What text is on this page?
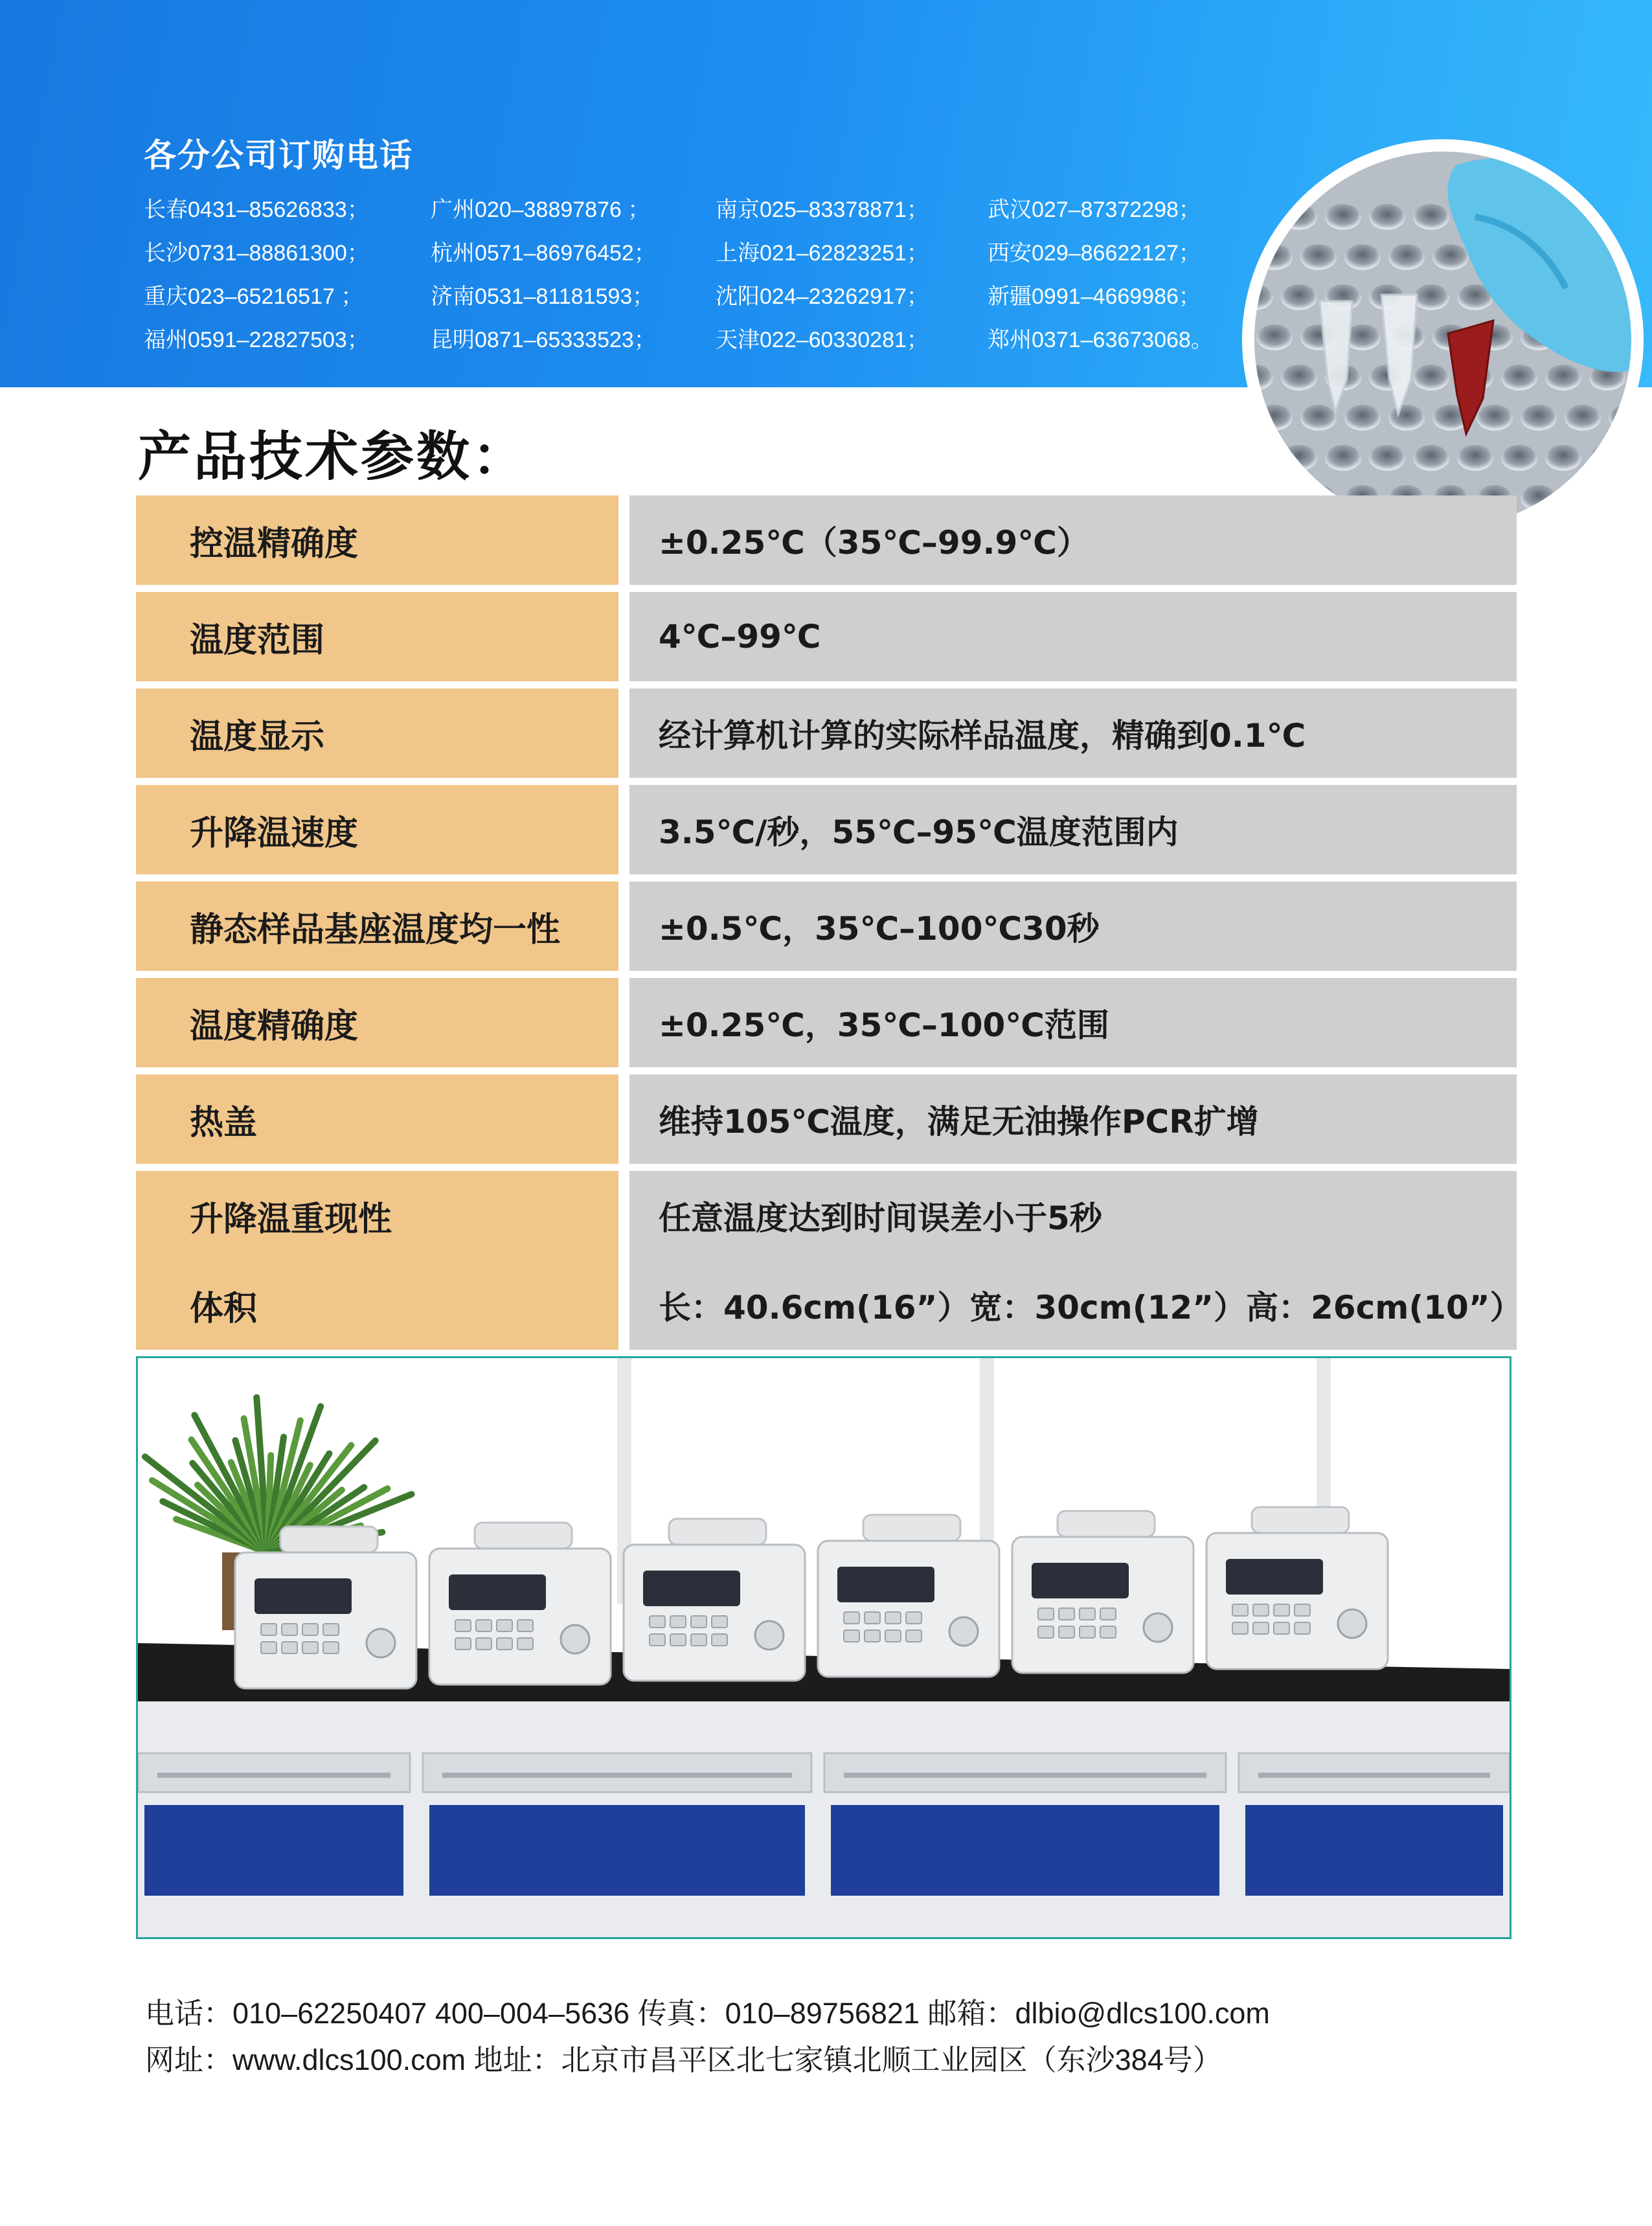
各分公司订购电话
长春0431–85626833；	广州020–38897876 ；	南京025–83378871；	武汉027–87372298；
长沙0731–88861300；	杭州0571–86976452；	上海021–62823251；	西安029–86622127；
重庆023–65216517 ；	济南0531–81181593；	沈阳024–23262917；	新疆0991–4669986；
福州0591–22827503；	昆明0871–65333523；	天津022–60330281；	郑州0371–63673068。
产品技术参数：
控温精确度	±0.25℃（35℃–99.9℃）
温度范围	4℃–99℃
温度显示	经计算机计算的实际样品温度，精确到0.1℃
升降温速度	3.5℃/秒，55℃–95℃温度范围内
静态样品基座温度均一性	±0.5℃，35℃–100℃30秒
温度精确度	±0.25℃，35℃–100℃范围
热盖	维持105℃温度，满足无油操作PCR扩增
升降温重现性	任意温度达到时间误差小于5秒
体积	长：40.6cm(16”）宽：30cm(12”）高：26cm(10”）
电话：010–62250407 400–004–5636 传真：010–89756821 邮箱：dlbio@dlcs100.com
网址：www.dlcs100.com 地址：北京市昌平区北七家镇北顺工业园区（东沙384号）
